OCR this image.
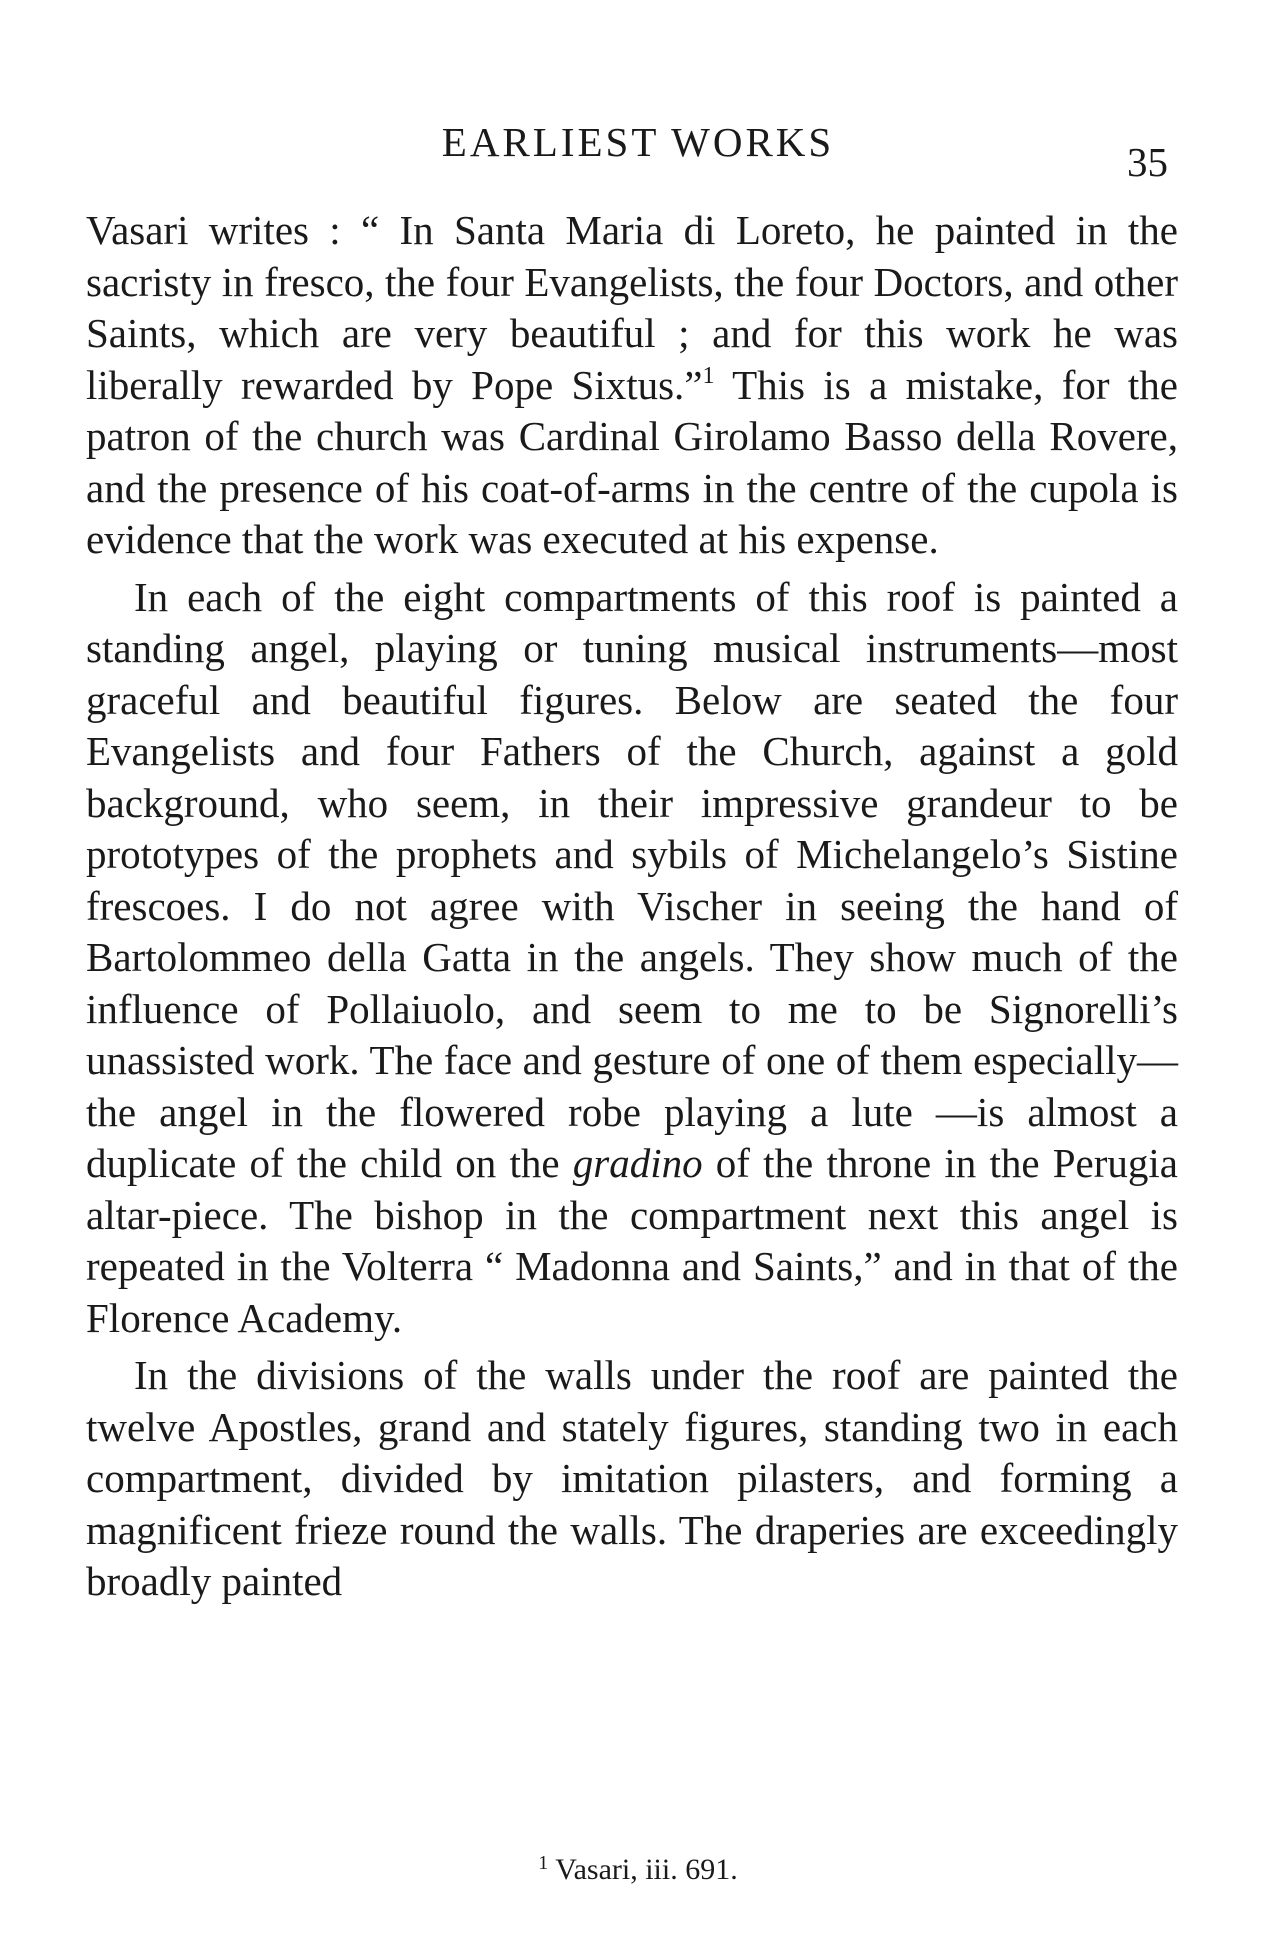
EARLIEST WORKS	35

Vasari writes : “ In Santa Maria di Loreto, he painted in the sacristy in fresco, the four Evangelists, the four Doctors, and other Saints, which are very beautiful ; and for this work he was liberally rewarded by Pope Sixtus.”$^1$ This is a mistake, for the patron of the church was Cardinal Girolamo Basso della Rovere, and the presence of his coat-of-arms in the centre of the cupola is evidence that the work was executed at his expense.

In each of the eight compartments of this roof is painted a standing angel, playing or tuning musical instruments—most graceful and beautiful figures. Below are seated the four Evangelists and four Fathers of the Church, against a gold background, who seem, in their impressive grandeur to be prototypes of the prophets and sybils of Michelangelo’s Sistine frescoes. I do not agree with Vischer in seeing the hand of Bartolommeo della Gatta in the angels. They show much of the influence of Pollaiuolo, and seem to me to be Signorelli’s unassisted work. The face and gesture of one of them especially—the angel in the flowered robe playing a lute —is almost a duplicate of the child on the gradino of the throne in the Perugia altar-piece. The bishop in the compartment next this angel is repeated in the Volterra “ Madonna and Saints,” and in that of the Florence Academy.

In the divisions of the walls under the roof are painted the twelve Apostles, grand and stately figures, standing two in each compartment, divided by imitation pilasters, and forming a magnificent frieze round the walls. The draperies are exceedingly broadly painted

$^1$ Vasari, iii. 691.
